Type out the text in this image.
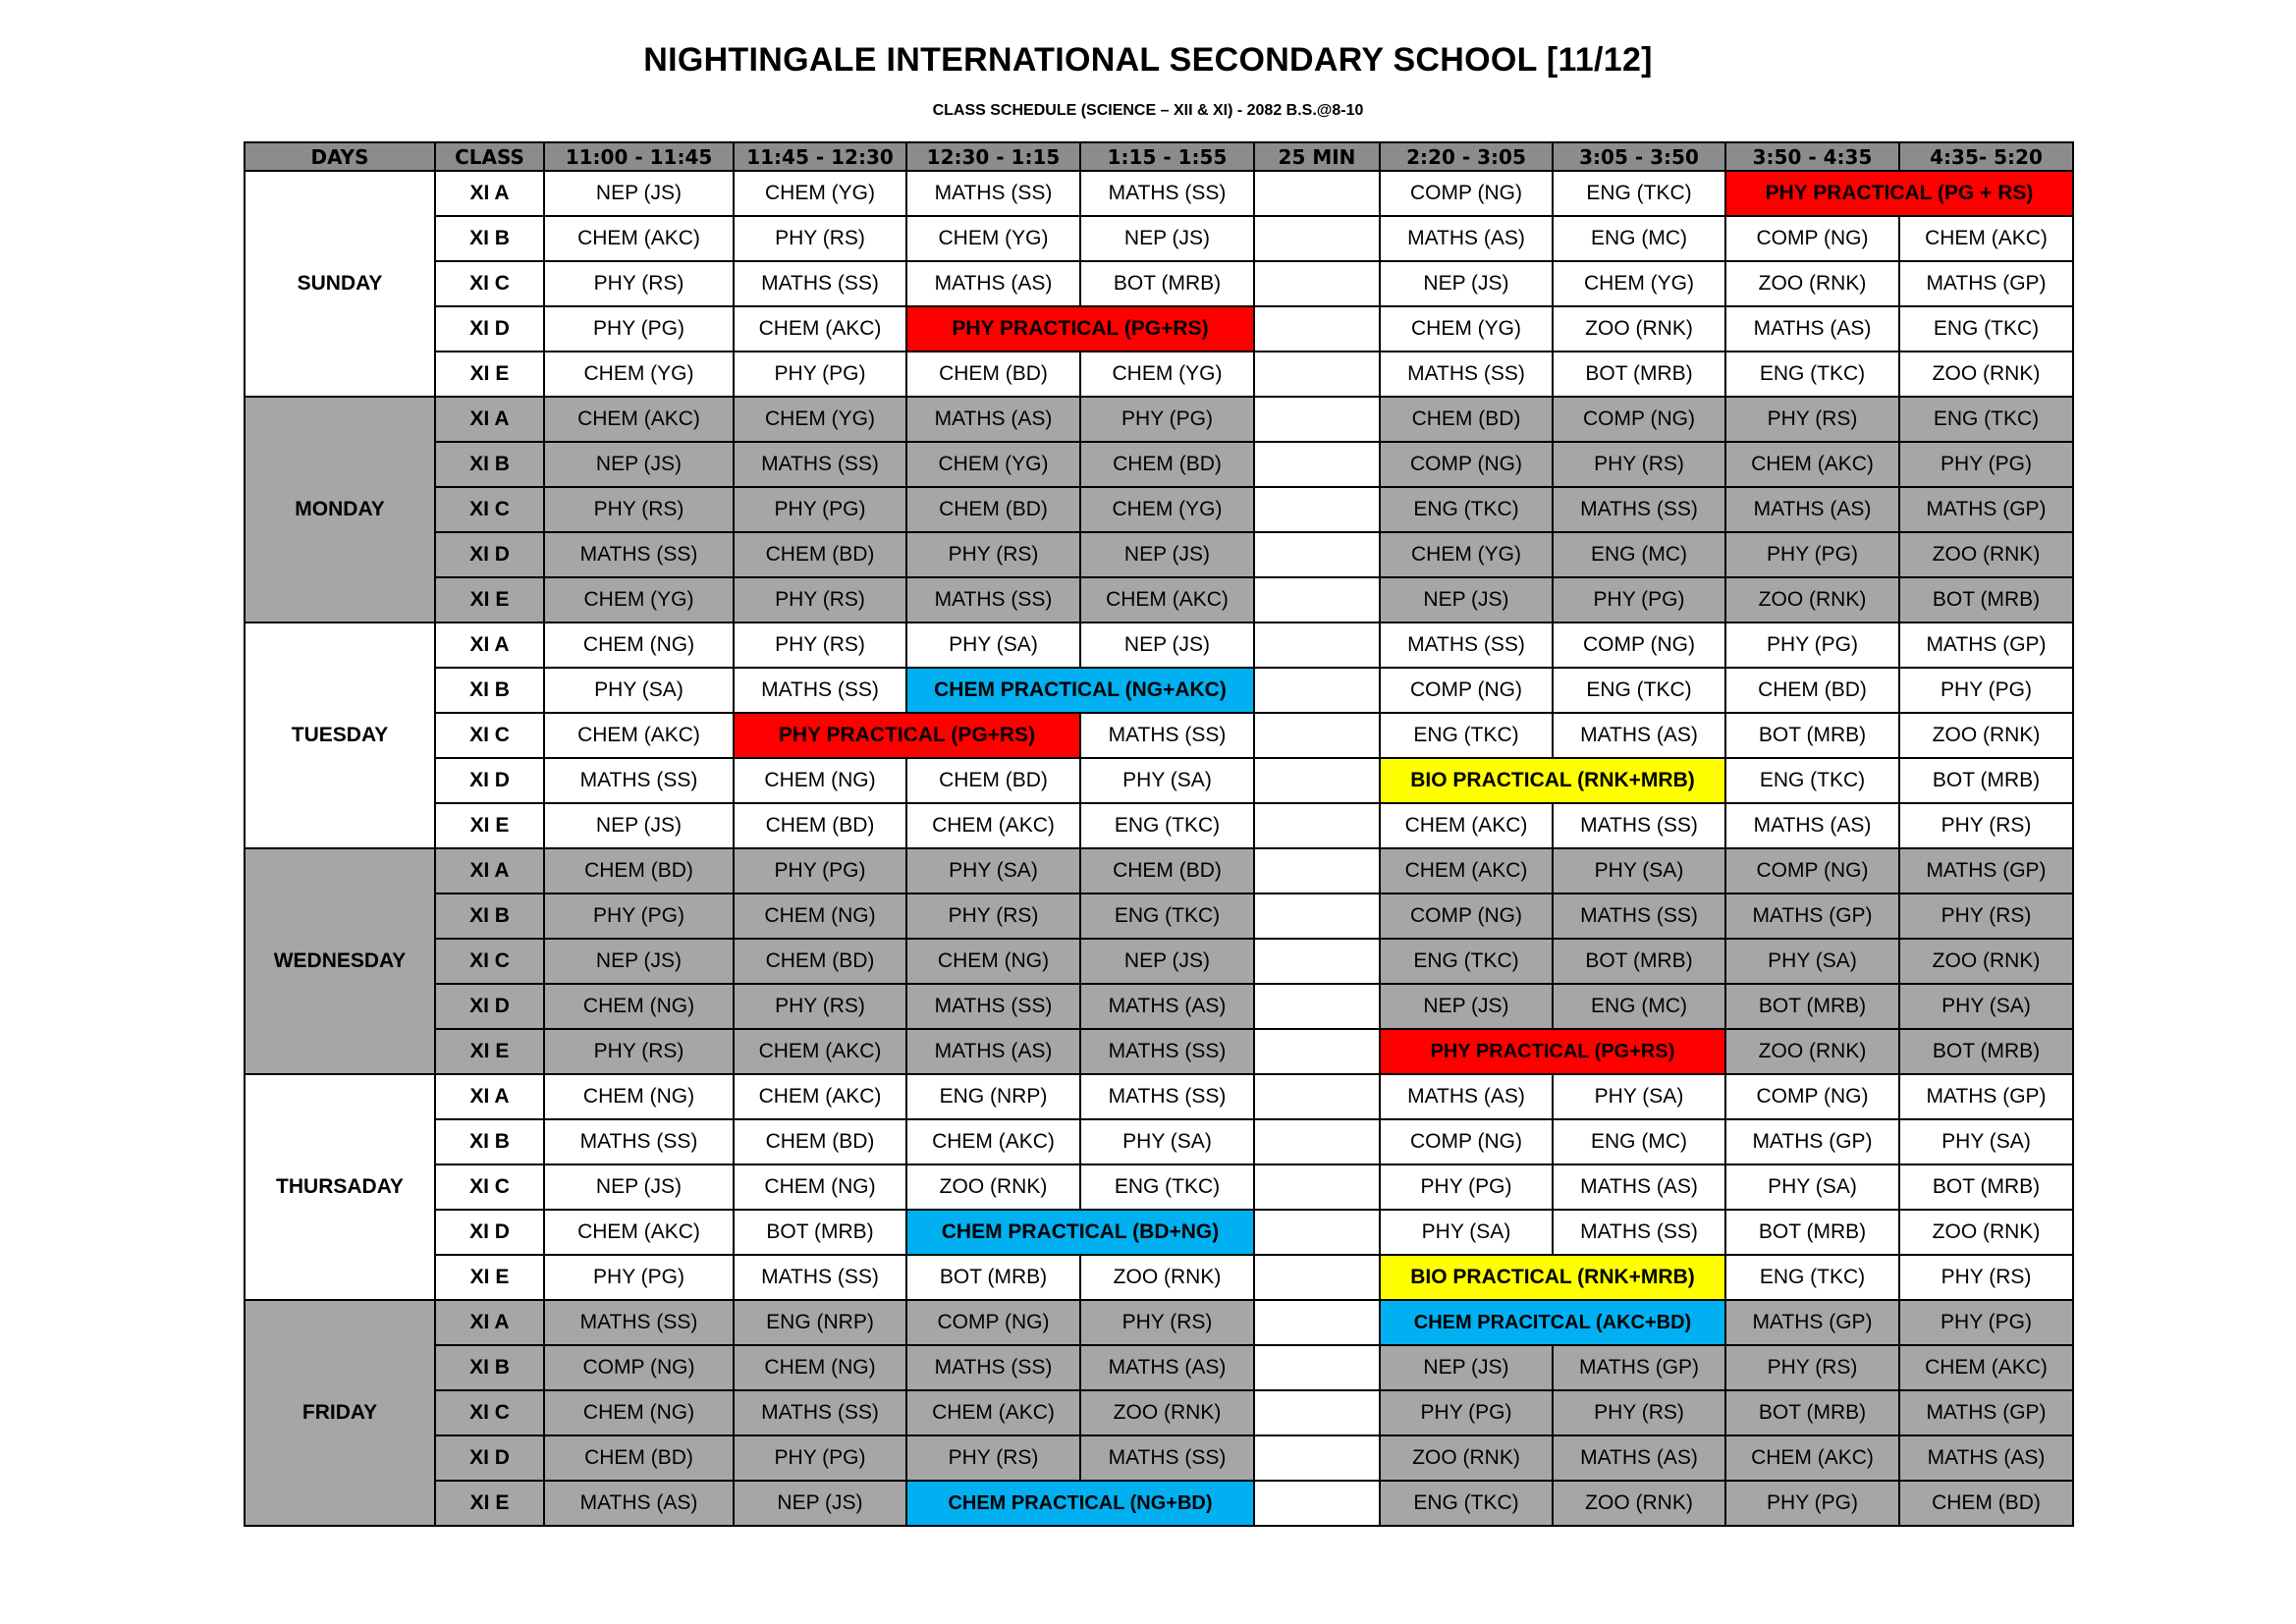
NIGHTINGALE INTERNATIONAL SECONDARY SCHOOL [11/12]
CLASS SCHEDULE (SCIENCE – XII & XI) - 2082 B.S.@8-10
DAYS	CLASS	11:00 - 11:45	11:45 - 12:30	12:30 - 1:15	1:15 - 1:55	25 MIN	2:20 - 3:05	3:05 - 3:50	3:50 - 4:35	4:35- 5:20
SUNDAY	XI A	NEP (JS)	CHEM (YG)	MATHS (SS)	MATHS (SS)		COMP (NG)	ENG (TKC)	PHY PRACTICAL (PG + RS)	
	XI B	CHEM (AKC)	PHY (RS)	CHEM (YG)	NEP (JS)		MATHS (AS)	ENG (MC)	COMP (NG)	CHEM (AKC)
	XI C	PHY (RS)	MATHS (SS)	MATHS (AS)	BOT (MRB)		NEP (JS)	CHEM (YG)	ZOO (RNK)	MATHS (GP)
	XI D	PHY (PG)	CHEM (AKC)	PHY PRACTICAL (PG+RS)			CHEM (YG)	ZOO (RNK)	MATHS (AS)	ENG (TKC)
	XI E	CHEM (YG)	PHY (PG)	CHEM (BD)	CHEM (YG)		MATHS (SS)	BOT (MRB)	ENG (TKC)	ZOO (RNK)
MONDAY	XI A	CHEM (AKC)	CHEM (YG)	MATHS (AS)	PHY (PG)		CHEM (BD)	COMP (NG)	PHY (RS)	ENG (TKC)
	XI B	NEP (JS)	MATHS (SS)	CHEM (YG)	CHEM (BD)		COMP (NG)	PHY (RS)	CHEM (AKC)	PHY (PG)
	XI C	PHY (RS)	PHY (PG)	CHEM (BD)	CHEM (YG)		ENG (TKC)	MATHS (SS)	MATHS (AS)	MATHS (GP)
	XI D	MATHS (SS)	CHEM (BD)	PHY (RS)	NEP (JS)		CHEM (YG)	ENG (MC)	PHY (PG)	ZOO (RNK)
	XI E	CHEM (YG)	PHY (RS)	MATHS (SS)	CHEM (AKC)		NEP (JS)	PHY (PG)	ZOO (RNK)	BOT (MRB)
TUESDAY	XI A	CHEM (NG)	PHY (RS)	PHY (SA)	NEP (JS)		MATHS (SS)	COMP (NG)	PHY (PG)	MATHS (GP)
	XI B	PHY (SA)	MATHS (SS)	CHEM PRACTICAL (NG+AKC)			COMP (NG)	ENG (TKC)	CHEM (BD)	PHY (PG)
	XI C	CHEM (AKC)	PHY PRACTICAL (PG+RS)		MATHS (SS)		ENG (TKC)	MATHS (AS)	BOT (MRB)	ZOO (RNK)
	XI D	MATHS (SS)	CHEM (NG)	CHEM (BD)	PHY (SA)		BIO PRACTICAL (RNK+MRB)		ENG (TKC)	BOT (MRB)
	XI E	NEP (JS)	CHEM (BD)	CHEM (AKC)	ENG (TKC)		CHEM (AKC)	MATHS (SS)	MATHS (AS)	PHY (RS)
WEDNESDAY	XI A	CHEM (BD)	PHY (PG)	PHY (SA)	CHEM (BD)		CHEM (AKC)	PHY (SA)	COMP (NG)	MATHS (GP)
	XI B	PHY (PG)	CHEM (NG)	PHY (RS)	ENG (TKC)		COMP (NG)	MATHS (SS)	MATHS (GP)	PHY (RS)
	XI C	NEP (JS)	CHEM (BD)	CHEM (NG)	NEP (JS)		ENG (TKC)	BOT (MRB)	PHY (SA)	ZOO (RNK)
	XI D	CHEM (NG)	PHY (RS)	MATHS (SS)	MATHS (AS)		NEP (JS)	ENG (MC)	BOT (MRB)	PHY (SA)
	XI E	PHY (RS)	CHEM (AKC)	MATHS (AS)	MATHS (SS)		PHY PRACTICAL (PG+RS)		ZOO (RNK)	BOT (MRB)
THURSADAY	XI A	CHEM (NG)	CHEM (AKC)	ENG (NRP)	MATHS (SS)		MATHS (AS)	PHY (SA)	COMP (NG)	MATHS (GP)
	XI B	MATHS (SS)	CHEM (BD)	CHEM (AKC)	PHY (SA)		COMP (NG)	ENG (MC)	MATHS (GP)	PHY (SA)
	XI C	NEP (JS)	CHEM (NG)	ZOO (RNK)	ENG (TKC)		PHY (PG)	MATHS (AS)	PHY (SA)	BOT (MRB)
	XI D	CHEM (AKC)	BOT (MRB)	CHEM PRACTICAL (BD+NG)			PHY (SA)	MATHS (SS)	BOT (MRB)	ZOO (RNK)
	XI E	PHY (PG)	MATHS (SS)	BOT (MRB)	ZOO (RNK)		BIO PRACTICAL (RNK+MRB)		ENG (TKC)	PHY (RS)
FRIDAY	XI A	MATHS (SS)	ENG (NRP)	COMP (NG)	PHY (RS)		CHEM PRACITCAL (AKC+BD)		MATHS (GP)	PHY (PG)
	XI B	COMP (NG)	CHEM (NG)	MATHS (SS)	MATHS (AS)		NEP (JS)	MATHS (GP)	PHY (RS)	CHEM (AKC)
	XI C	CHEM (NG)	MATHS (SS)	CHEM (AKC)	ZOO (RNK)		PHY (PG)	PHY (RS)	BOT (MRB)	MATHS (GP)
	XI D	CHEM (BD)	PHY (PG)	PHY (RS)	MATHS (SS)		ZOO (RNK)	MATHS (AS)	CHEM (AKC)	MATHS (AS)
	XI E	MATHS (AS)	NEP (JS)	CHEM PRACTICAL (NG+BD)			ENG (TKC)	ZOO (RNK)	PHY (PG)	CHEM (BD)
